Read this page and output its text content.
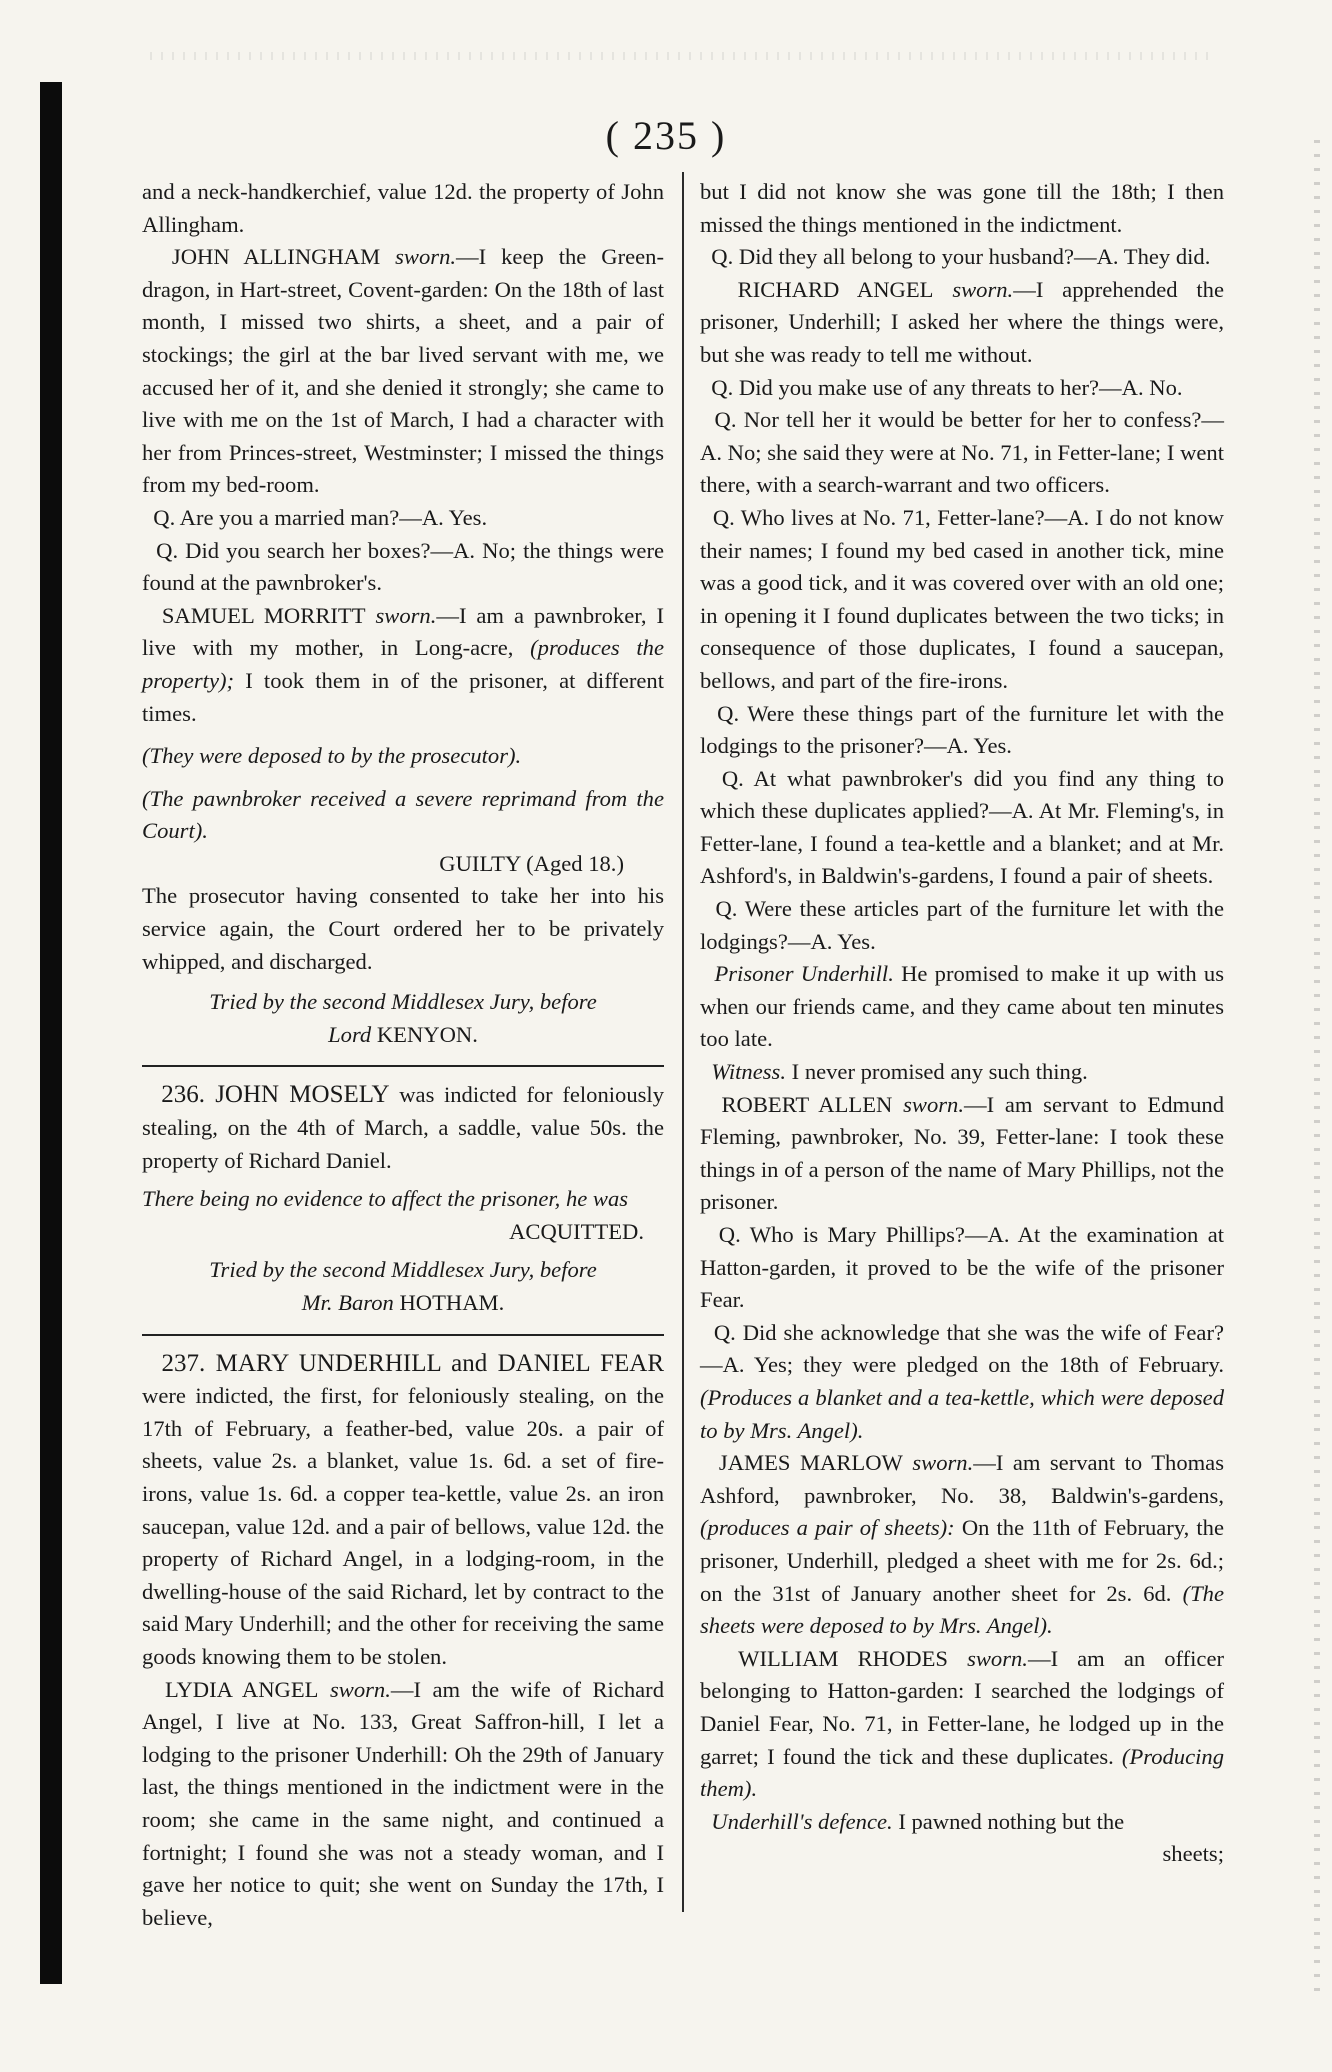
( 235 )

and a neck-handkerchief, value 12d. the property of John Allingham.

JOHN ALLINGHAM sworn.—I keep the Green-dragon, in Hart-street, Covent-garden: On the 18th of last month, I missed two shirts, a sheet, and a pair of stockings; the girl at the bar lived servant with me, we accused her of it, and she denied it strongly; she came to live with me on the 1st of March, I had a character with her from Princes-street, Westminster; I missed the things from my bed-room.

Q. Are you a married man?—A. Yes.

Q. Did you search her boxes?—A. No; the things were found at the pawnbroker's.

SAMUEL MORRITT sworn.—I am a pawnbroker, I live with my mother, in Long-acre, (produces the property); I took them in of the prisoner, at different times.

(They were deposed to by the prosecutor).

(The pawnbroker received a severe reprimand from the Court).

GUILTY (Aged 18.)

The prosecutor having consented to take her into his service again, the Court ordered her to be privately whipped, and discharged.

Tried by the second Middlesex Jury, before

Lord KENYON.

236. JOHN MOSELY was indicted for feloniously stealing, on the 4th of March, a saddle, value 50s. the property of Richard Daniel.

There being no evidence to affect the prisoner, he was

ACQUITTED.

Tried by the second Middlesex Jury, before

Mr. Baron HOTHAM.

237. MARY UNDERHILL and DANIEL FEAR were indicted, the first, for feloniously stealing, on the 17th of February, a feather-bed, value 20s. a pair of sheets, value 2s. a blanket, value 1s. 6d. a set of fire-irons, value 1s. 6d. a copper tea-kettle, value 2s. an iron saucepan, value 12d. and a pair of bellows, value 12d. the property of Richard Angel, in a lodging-room, in the dwelling-house of the said Richard, let by contract to the said Mary Underhill; and the other for receiving the same goods knowing them to be stolen.

LYDIA ANGEL sworn.—I am the wife of Richard Angel, I live at No. 133, Great Saffron-hill, I let a lodging to the prisoner Underhill: Oh the 29th of January last, the things mentioned in the indictment were in the room; she came in the same night, and continued a fortnight; I found she was not a steady woman, and I gave her notice to quit; she went on Sunday the 17th, I believe,

but I did not know she was gone till the 18th; I then missed the things mentioned in the indictment.

Q. Did they all belong to your husband?—A. They did.

RICHARD ANGEL sworn.—I apprehended the prisoner, Underhill; I asked her where the things were, but she was ready to tell me without.

Q. Did you make use of any threats to her?—A. No.

Q. Nor tell her it would be better for her to confess?—A. No; she said they were at No. 71, in Fetter-lane; I went there, with a search-warrant and two officers.

Q. Who lives at No. 71, Fetter-lane?—A. I do not know their names; I found my bed cased in another tick, mine was a good tick, and it was covered over with an old one; in opening it I found duplicates between the two ticks; in consequence of those duplicates, I found a saucepan, bellows, and part of the fire-irons.

Q. Were these things part of the furniture let with the lodgings to the prisoner?—A. Yes.

Q. At what pawnbroker's did you find any thing to which these duplicates applied?—A. At Mr. Fleming's, in Fetter-lane, I found a tea-kettle and a blanket; and at Mr. Ashford's, in Baldwin's-gardens, I found a pair of sheets.

Q. Were these articles part of the furniture let with the lodgings?—A. Yes.

Prisoner Underhill. He promised to make it up with us when our friends came, and they came about ten minutes too late.

Witness. I never promised any such thing.

ROBERT ALLEN sworn.—I am servant to Edmund Fleming, pawnbroker, No. 39, Fetter-lane: I took these things in of a person of the name of Mary Phillips, not the prisoner.

Q. Who is Mary Phillips?—A. At the examination at Hatton-garden, it proved to be the wife of the prisoner Fear.

Q. Did she acknowledge that she was the wife of Fear?—A. Yes; they were pledged on the 18th of February. (Produces a blanket and a tea-kettle, which were deposed to by Mrs. Angel).

JAMES MARLOW sworn.—I am servant to Thomas Ashford, pawnbroker, No. 38, Baldwin's-gardens, (produces a pair of sheets): On the 11th of February, the prisoner, Underhill, pledged a sheet with me for 2s. 6d.; on the 31st of January another sheet for 2s. 6d. (The sheets were deposed to by Mrs. Angel).

WILLIAM RHODES sworn.—I am an officer belonging to Hatton-garden: I searched the lodgings of Daniel Fear, No. 71, in Fetter-lane, he lodged up in the garret; I found the tick and these duplicates. (Producing them).

Underhill's defence. I pawned nothing but the

sheets;
